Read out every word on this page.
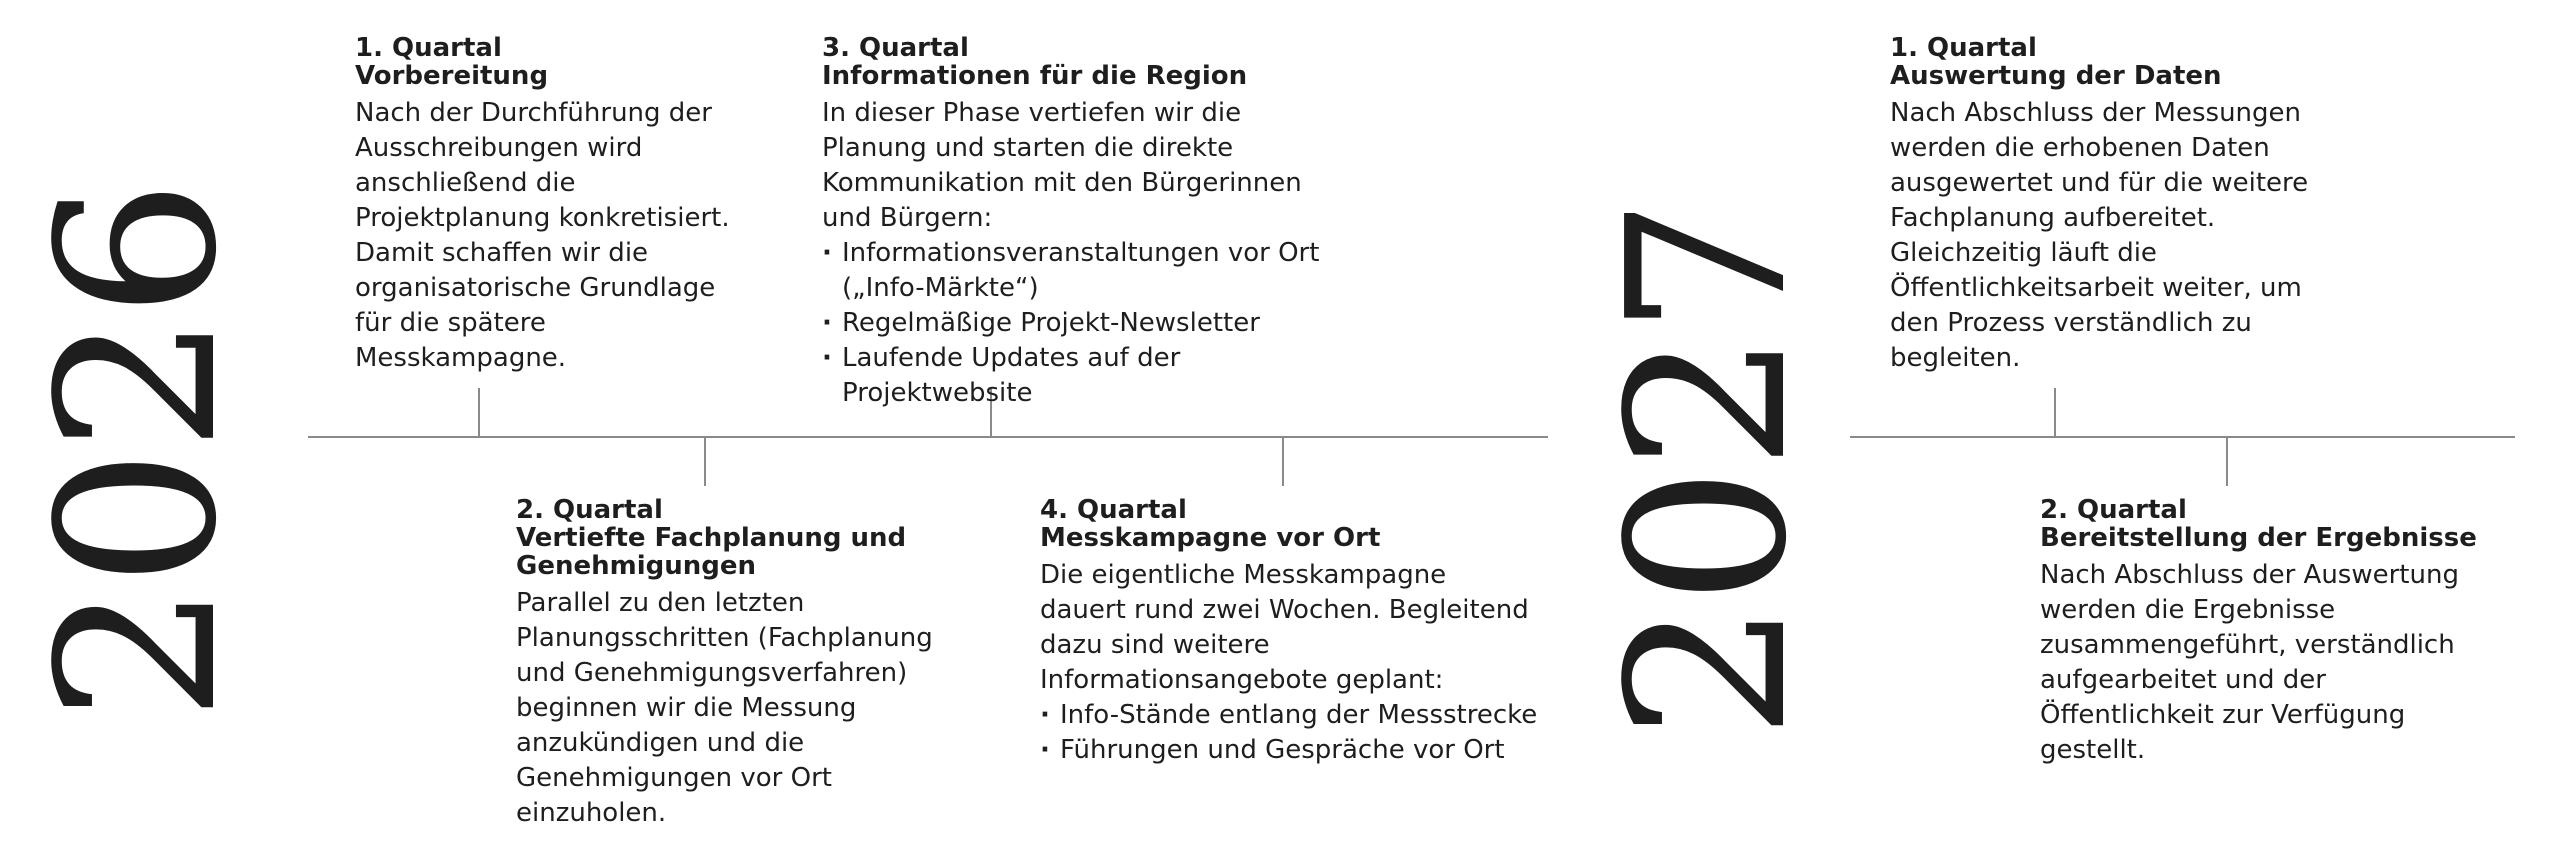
2026	2027
1. Quartal
Vorbereitung
Nach der Durchführung der Ausschreibungen wird anschließend die Projektplanung konkretisiert. Damit schaffen wir die organisatorische Grundlage für die spätere Messkampagne.
2. Quartal
Vertiefte Fachplanung und Genehmigungen
Parallel zu den letzten Planungsschritten (Fachplanung und Genehmigungsverfahren) beginnen wir die Messung anzukündigen und die Genehmigungen vor Ort einzuholen.
3. Quartal
Informationen für die Region
In dieser Phase vertiefen wir die Planung und starten die direkte Kommunikation mit den Bürgerinnen und Bürgern:
· Informationsveranstaltungen vor Ort („Info-Märkte“)
· Regelmäßige Projekt-Newsletter
· Laufende Updates auf der Projektwebsite
4. Quartal
Messkampagne vor Ort
Die eigentliche Messkampagne dauert rund zwei Wochen. Begleitend dazu sind weitere Informationsangebote geplant:
· Info-Stände entlang der Messstrecke
· Führungen und Gespräche vor Ort
1. Quartal
Auswertung der Daten
Nach Abschluss der Messungen werden die erhobenen Daten ausgewertet und für die weitere Fachplanung aufbereitet. Gleichzeitig läuft die Öffentlichkeitsarbeit weiter, um den Prozess verständlich zu begleiten.
2. Quartal
Bereitstellung der Ergebnisse
Nach Abschluss der Auswertung werden die Ergebnisse zusammengeführt, verständlich aufgearbeitet und der Öffentlichkeit zur Verfügung gestellt.
